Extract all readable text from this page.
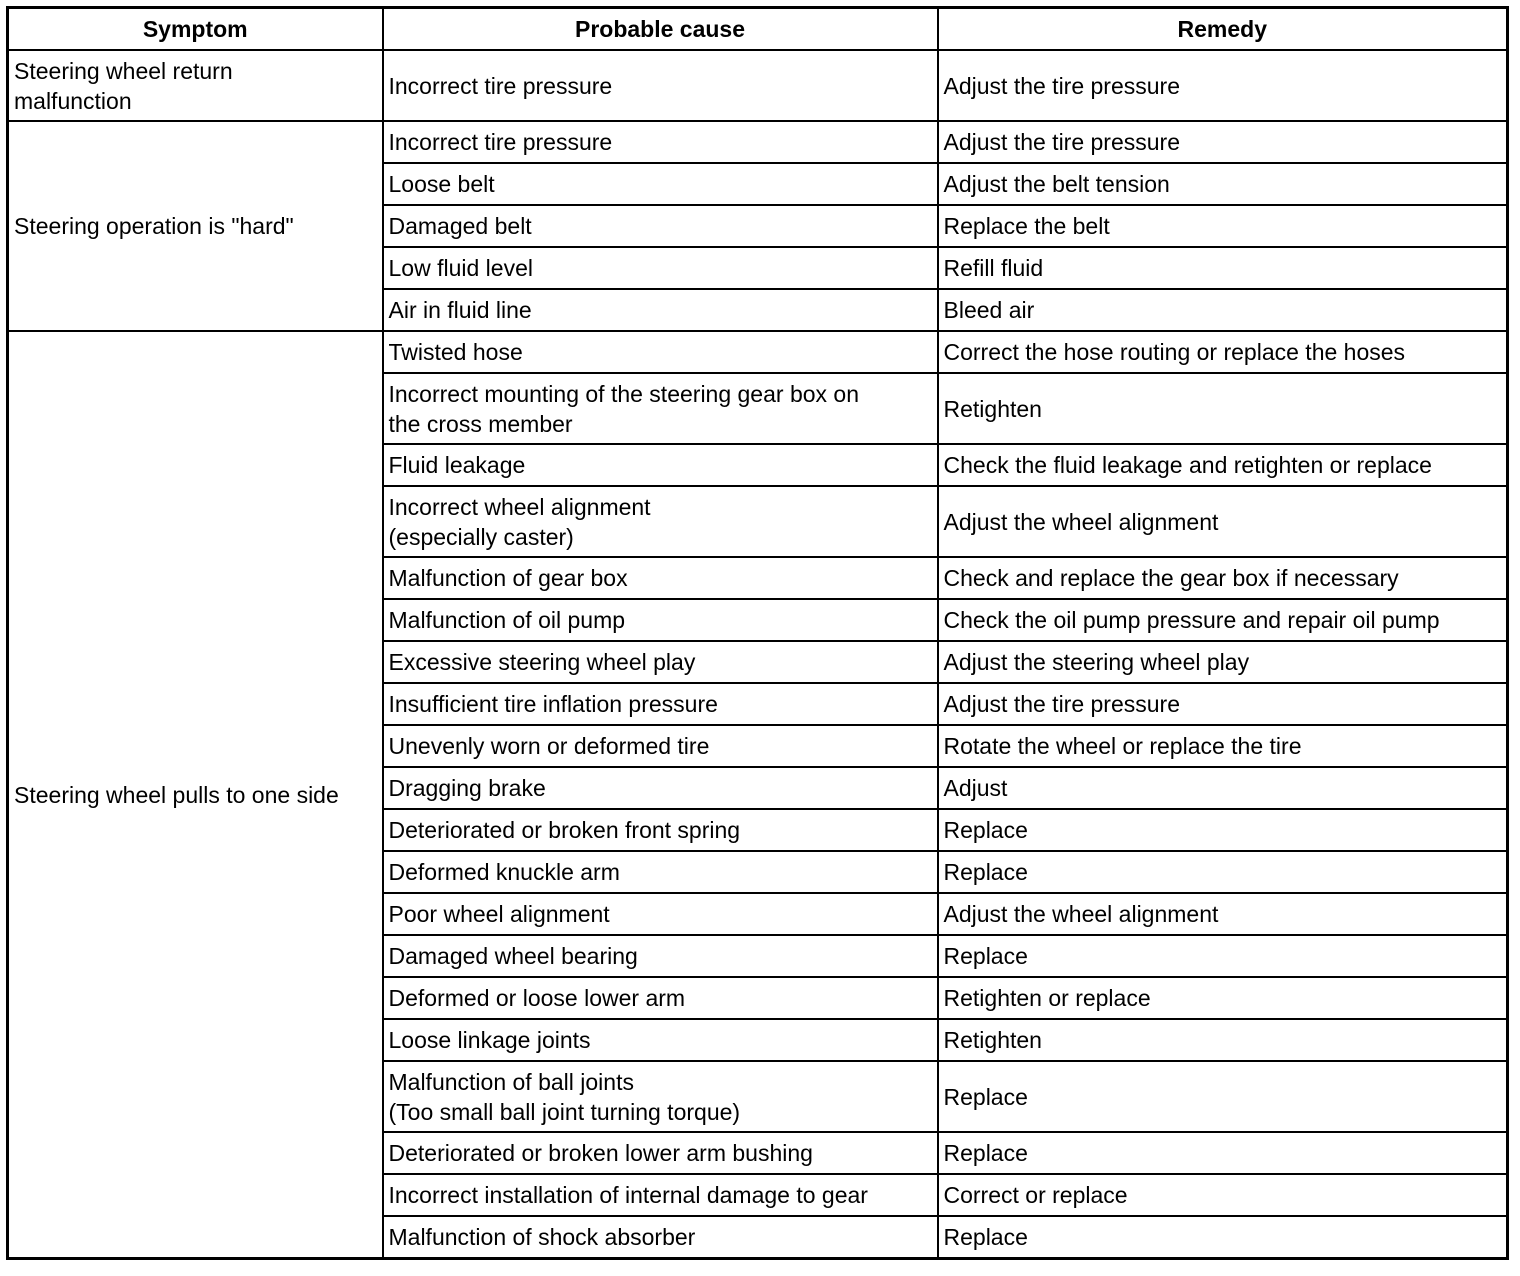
Symptom	Probable cause	Remedy
Steering wheel return
malfunction	Incorrect tire pressure	Adjust the tire pressure
Steering operation is "hard"	Incorrect tire pressure	Adjust the tire pressure
	Loose belt	Adjust the belt tension
	Damaged belt	Replace the belt
	Low fluid level	Refill fluid
	Air in fluid line	Bleed air
Steering wheel pulls to one side	Twisted hose	Correct the hose routing or replace the hoses
	Incorrect mounting of the steering gear box on
the cross member	Retighten
	Fluid leakage	Check the fluid leakage and retighten or replace
	Incorrect wheel alignment
(especially caster)	Adjust the wheel alignment
	Malfunction of gear box	Check and replace the gear box if necessary
	Malfunction of oil pump	Check the oil pump pressure and repair oil pump
	Excessive steering wheel play	Adjust the steering wheel play
	Insufficient tire inflation pressure	Adjust the tire pressure
	Unevenly worn or deformed tire	Rotate the wheel or replace the tire
	Dragging brake	Adjust
	Deteriorated or broken front spring	Replace
	Deformed knuckle arm	Replace
	Poor wheel alignment	Adjust the wheel alignment
	Damaged wheel bearing	Replace
	Deformed or loose lower arm	Retighten or replace
	Loose linkage joints	Retighten
	Malfunction of ball joints
(Too small ball joint turning torque)	Replace
	Deteriorated or broken lower arm bushing	Replace
	Incorrect installation of internal damage to gear	Correct or replace
	Malfunction of shock absorber	Replace
